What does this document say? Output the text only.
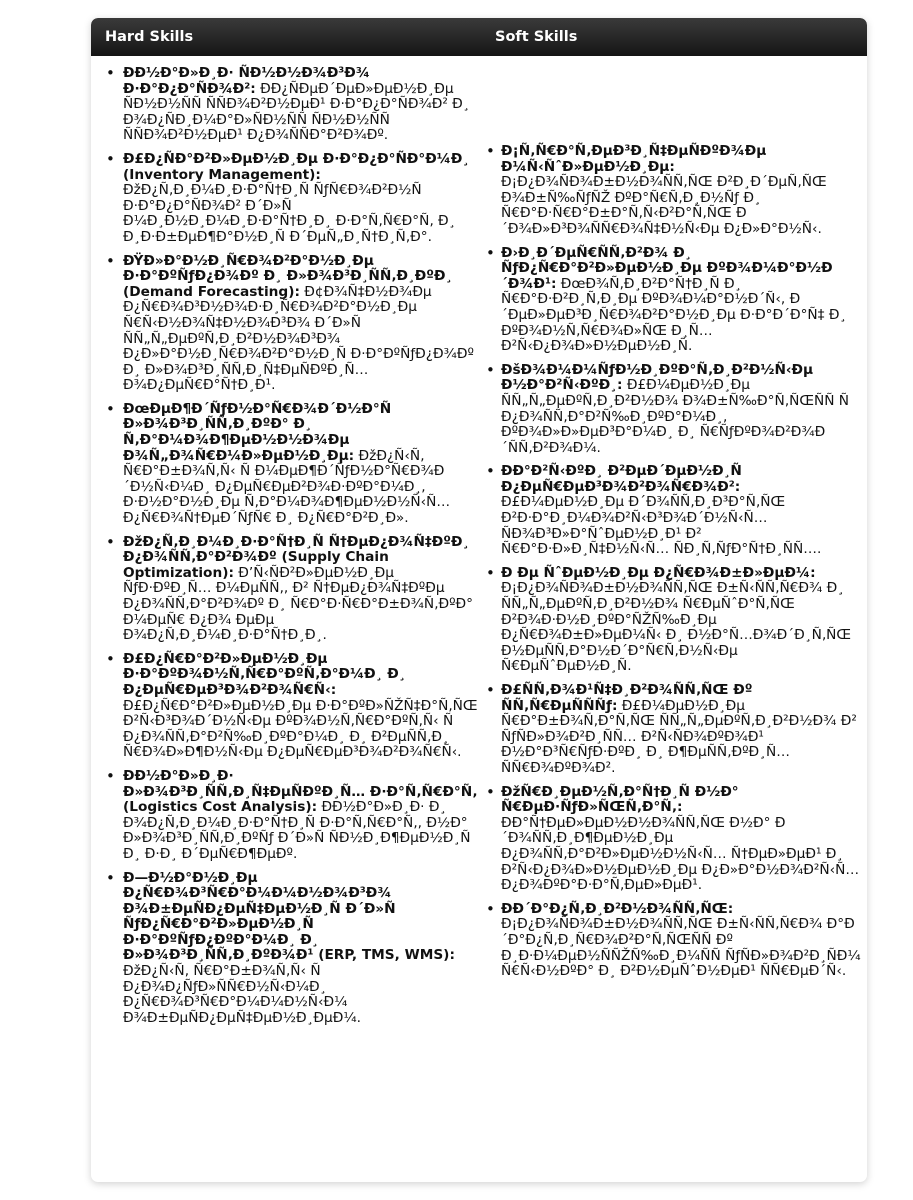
Hard Skills	Soft Skills
• ÐÐ½Ð°Ð»Ð¸Ð· ÑÐ½Ð½Ð¾Ð³Ð¾ Ð·Ð°Ð¿Ð°ÑÐ¾Ð²: ÐÐ¿ÑÐµÐ´ÐµÐ»ÐµÐ½Ð¸Ðµ ÑÐ½Ð½ÑÑ ÑÑÐ¾Ð²Ð½ÐµÐ¹ Ð·Ð°Ð¿Ð°ÑÐ¾Ð² Ð¸ Ð¾Ð¿ÑÐ¸Ð¼Ð°Ð»ÑÐ½ÑÑ ÑÐ½Ð½ÑÑ ÑÑÐ¾Ð²Ð½ÐµÐ¹ Ð¿Ð¾ÑÑÐ°Ð²Ð¾Ðº.
• Ð£Ð¿ÑÐ°Ð²Ð»ÐµÐ½Ð¸Ðµ Ð·Ð°Ð¿Ð°ÑÐ°Ð¼Ð¸ (Inventory Management): ÐžÐ¿Ñ‚Ð¸Ð¼Ð¸Ð·Ð°Ñ†Ð¸Ñ ÑƒÑ€Ð¾Ð²Ð½Ñ Ð·Ð°Ð¿Ð°ÑÐ¾Ð² Ð´Ð»Ñ Ð¼Ð¸Ð½Ð¸Ð¼Ð¸Ð·Ð°Ñ†Ð¸Ð¸ Ð·Ð°Ñ‚Ñ€Ð°Ñ‚ Ð¸ Ð¸Ð·Ð±ÐµÐ¶Ð°Ð½Ð¸Ñ Ð´ÐµÑ„Ð¸Ñ†Ð¸Ñ‚Ð°.
• ÐŸÐ»Ð°Ð½Ð¸Ñ€Ð¾Ð²Ð°Ð½Ð¸Ðµ Ð·Ð°ÐºÑƒÐ¿Ð¾Ðº Ð¸ Ð»Ð¾Ð³Ð¸ÑÑ‚Ð¸ÐºÐ¸ (Demand Forecasting): Ð¢Ð¾Ñ‡Ð½Ð¾Ðµ Ð¿Ñ€Ð¾Ð³Ð½Ð¾Ð·Ð¸Ñ€Ð¾Ð²Ð°Ð½Ð¸Ðµ Ñ€Ñ‹Ð½Ð¾Ñ‡Ð½Ð¾Ð³Ð¾ Ð´Ð»Ñ ÑÑ„Ñ„ÐµÐºÑ‚Ð¸Ð²Ð½Ð¾Ð³Ð¾ Ð¿Ð»Ð°Ð½Ð¸Ñ€Ð¾Ð²Ð°Ð½Ð¸Ñ Ð·Ð°ÐºÑƒÐ¿Ð¾Ðº Ð¸ Ð»Ð¾Ð³Ð¸ÑÑ‚Ð¸Ñ‡ÐµÑÐºÐ¸Ñ… Ð¾Ð¿ÐµÑ€Ð°Ñ†Ð¸Ð¹.
• ÐœÐµÐ¶Ð´ÑƒÐ½Ð°Ñ€Ð¾Ð´Ð½Ð°Ñ Ð»Ð¾Ð³Ð¸ÑÑ‚Ð¸ÐºÐ° Ð¸ Ñ‚Ð°Ð¼Ð¾Ð¶ÐµÐ½Ð½Ð¾Ðµ Ð¾Ñ„Ð¾Ñ€Ð¼Ð»ÐµÐ½Ð¸Ðµ: ÐžÐ¿Ñ‹Ñ‚ Ñ€Ð°Ð±Ð¾Ñ‚Ñ‹ Ñ Ð¼ÐµÐ¶Ð´ÑƒÐ½Ð°Ñ€Ð¾Ð´Ð½Ñ‹Ð¼Ð¸ Ð¿ÐµÑ€ÐµÐ²Ð¾Ð·ÐºÐ°Ð¼Ð¸, Ð·Ð½Ð°Ð½Ð¸Ðµ Ñ‚Ð°Ð¼Ð¾Ð¶ÐµÐ½Ð½Ñ‹Ñ… Ð¿Ñ€Ð¾Ñ†ÐµÐ´ÑƒÑ€ Ð¸ Ð¿Ñ€Ð°Ð²Ð¸Ð».
• ÐžÐ¿Ñ‚Ð¸Ð¼Ð¸Ð·Ð°Ñ†Ð¸Ñ Ñ†ÐµÐ¿Ð¾Ñ‡ÐºÐ¸ Ð¿Ð¾ÑÑ‚Ð°Ð²Ð¾Ðº (Supply Chain Optimization): Ð’Ñ‹ÑÐ²Ð»ÐµÐ½Ð¸Ðµ ÑƒÐ·ÐºÐ¸Ñ… Ð¼ÐµÑÑ‚, Ð² Ñ†ÐµÐ¿Ð¾Ñ‡ÐºÐµ Ð¿Ð¾ÑÑ‚Ð°Ð²Ð¾Ðº Ð¸ Ñ€Ð°Ð·Ñ€Ð°Ð±Ð¾Ñ‚ÐºÐ° Ð¼ÐµÑ€ Ð¿Ð¾ ÐµÐµ Ð¾Ð¿Ñ‚Ð¸Ð¼Ð¸Ð·Ð°Ñ†Ð¸Ð¸.
• Ð£Ð¿Ñ€Ð°Ð²Ð»ÐµÐ½Ð¸Ðµ Ð·Ð°ÐºÐ¾Ð½Ñ‚Ñ€Ð°ÐºÑ‚Ð°Ð¼Ð¸ Ð¸ Ð¿ÐµÑ€ÐµÐ³Ð¾Ð²Ð¾Ñ€Ñ‹: Ð£Ð¿Ñ€Ð°Ð²Ð»ÐµÐ½Ð¸Ðµ Ð·Ð°ÐºÐ»ÑŽÑ‡Ð°Ñ‚ÑŒ Ð²Ñ‹Ð³Ð¾Ð´Ð½Ñ‹Ðµ ÐºÐ¾Ð½Ñ‚Ñ€Ð°ÐºÑ‚Ñ‹ Ñ Ð¿Ð¾ÑÑ‚Ð°Ð²Ñ‰Ð¸ÐºÐ°Ð¼Ð¸ Ð¸ Ð²ÐµÑÑ‚Ð¸ Ñ€Ð¾Ð»Ð¶Ð½Ñ‹Ðµ Ð¿ÐµÑ€ÐµÐ³Ð¾Ð²Ð¾Ñ€Ñ‹.
• ÐÐ½Ð°Ð»Ð¸Ð· Ð»Ð¾Ð³Ð¸ÑÑ‚Ð¸Ñ‡ÐµÑÐºÐ¸Ñ… Ð·Ð°Ñ‚Ñ€Ð°Ñ‚ (Logistics Cost Analysis): ÐÐ½Ð°Ð»Ð¸Ð· Ð¸ Ð¾Ð¿Ñ‚Ð¸Ð¼Ð¸Ð·Ð°Ñ†Ð¸Ñ Ð·Ð°Ñ‚Ñ€Ð°Ñ‚, Ð½Ð° Ð»Ð¾Ð³Ð¸ÑÑ‚Ð¸ÐºÑƒ Ð´Ð»Ñ ÑÐ½Ð¸Ð¶ÐµÐ½Ð¸Ñ Ð¸ Ð·Ð¸ Ð´ÐµÑ€Ð¶ÐµÐº.
• Ð—Ð½Ð°Ð½Ð¸Ðµ Ð¿Ñ€Ð¾Ð³Ñ€Ð°Ð¼Ð¼Ð½Ð¾Ð³Ð¾ Ð¾Ð±ÐµÑÐ¿ÐµÑ‡ÐµÐ½Ð¸Ñ Ð´Ð»Ñ ÑƒÐ¿Ñ€Ð°Ð²Ð»ÐµÐ½Ð¸Ñ Ð·Ð°ÐºÑƒÐ¿ÐºÐ°Ð¼Ð¸ Ð¸ Ð»Ð¾Ð³Ð¸ÑÑ‚Ð¸ÐºÐ¾Ð¹ (ERP, TMS, WMS): ÐžÐ¿Ñ‹Ñ‚ Ñ€Ð°Ð±Ð¾Ñ‚Ñ‹ Ñ Ð¿Ð¾Ð¿ÑƒÐ»ÑÑ€Ð½Ñ‹Ð¼Ð¸ Ð¿Ñ€Ð¾Ð³Ñ€Ð°Ð¼Ð¼Ð½Ñ‹Ð¼ Ð¾Ð±ÐµÑÐ¿ÐµÑ‡ÐµÐ½Ð¸ÐµÐ¼.
• Ð¡Ñ‚Ñ€Ð°Ñ‚ÐµÐ³Ð¸Ñ‡ÐµÑÐºÐ¾Ðµ Ð¼Ñ‹ÑˆÐ»ÐµÐ½Ð¸Ðµ: Ð¡Ð¿Ð¾ÑÐ¾Ð±Ð½Ð¾ÑÑ‚ÑŒ Ð²Ð¸Ð´ÐµÑ‚ÑŒ Ð¾Ð±Ñ‰ÑƒÑŽ ÐºÐ°Ñ€Ñ‚Ð¸Ð½Ñƒ Ð¸ Ñ€Ð°Ð·Ñ€Ð°Ð±Ð°Ñ‚Ñ‹Ð²Ð°Ñ‚ÑŒ Ð´Ð¾Ð»Ð³Ð¾ÑÑ€Ð¾Ñ‡Ð½Ñ‹Ðµ Ð¿Ð»Ð°Ð½Ñ‹.
• Ð›Ð¸Ð´ÐµÑ€ÑÑ‚Ð²Ð¾ Ð¸ ÑƒÐ¿Ñ€Ð°Ð²Ð»ÐµÐ½Ð¸Ðµ ÐºÐ¾Ð¼Ð°Ð½Ð´Ð¾Ð¹: ÐœÐ¾Ñ‚Ð¸Ð²Ð°Ñ†Ð¸Ñ Ð¸ Ñ€Ð°Ð·Ð²Ð¸Ñ‚Ð¸Ðµ ÐºÐ¾Ð¼Ð°Ð½Ð´Ñ‹, Ð´ÐµÐ»ÐµÐ³Ð¸Ñ€Ð¾Ð²Ð°Ð½Ð¸Ðµ Ð·Ð°Ð´Ð°Ñ‡ Ð¸ ÐºÐ¾Ð½Ñ‚Ñ€Ð¾Ð»ÑŒ Ð¸Ñ… Ð²Ñ‹Ð¿Ð¾Ð»Ð½ÐµÐ½Ð¸Ñ.
• ÐšÐ¾Ð¼Ð¼ÑƒÐ½Ð¸ÐºÐ°Ñ‚Ð¸Ð²Ð½Ñ‹Ðµ Ð½Ð°Ð²Ñ‹ÐºÐ¸: Ð£Ð¼ÐµÐ½Ð¸Ðµ ÑÑ„Ñ„ÐµÐºÑ‚Ð¸Ð²Ð½Ð¾ Ð¾Ð±Ñ‰Ð°Ñ‚ÑŒÑÑ Ñ Ð¿Ð¾ÑÑ‚Ð°Ð²Ñ‰Ð¸ÐºÐ°Ð¼Ð¸, ÐºÐ¾Ð»Ð»ÐµÐ³Ð°Ð¼Ð¸ Ð¸ Ñ€ÑƒÐºÐ¾Ð²Ð¾Ð´ÑÑ‚Ð²Ð¾Ð¼.
• ÐÐ°Ð²Ñ‹ÐºÐ¸ Ð²ÐµÐ´ÐµÐ½Ð¸Ñ Ð¿ÐµÑ€ÐµÐ³Ð¾Ð²Ð¾Ñ€Ð¾Ð²: Ð£Ð¼ÐµÐ½Ð¸Ðµ Ð´Ð¾ÑÑ‚Ð¸Ð³Ð°Ñ‚ÑŒ Ð²Ð·Ð°Ð¸Ð¼Ð¾Ð²Ñ‹Ð³Ð¾Ð´Ð½Ñ‹Ñ… ÑÐ¾Ð³Ð»Ð°ÑˆÐµÐ½Ð¸Ð¹ Ð² Ñ€Ð°Ð·Ð»Ð¸Ñ‡Ð½Ñ‹Ñ… ÑÐ¸Ñ‚ÑƒÐ°Ñ†Ð¸ÑÑ….
• Ð Ðµ ÑˆÐµÐ½Ð¸Ðµ Ð¿Ñ€Ð¾Ð±Ð»ÐµÐ¼: Ð¡Ð¿Ð¾ÑÐ¾Ð±Ð½Ð¾ÑÑ‚ÑŒ Ð±Ñ‹ÑÑ‚Ñ€Ð¾ Ð¸ ÑÑ„Ñ„ÐµÐºÑ‚Ð¸Ð²Ð½Ð¾ Ñ€ÐµÑˆÐ°Ñ‚ÑŒ Ð²Ð¾Ð·Ð½Ð¸ÐºÐ°ÑŽÑ‰Ð¸Ðµ Ð¿Ñ€Ð¾Ð±Ð»ÐµÐ¼Ñ‹ Ð¸ Ð½Ð°Ñ…Ð¾Ð´Ð¸Ñ‚ÑŒ Ð½ÐµÑÑ‚Ð°Ð½Ð´Ð°Ñ€Ñ‚Ð½Ñ‹Ðµ Ñ€ÐµÑˆÐµÐ½Ð¸Ñ.
• Ð£ÑÑ‚Ð¾Ð¹Ñ‡Ð¸Ð²Ð¾ÑÑ‚ÑŒ Ðº ÑÑ‚Ñ€ÐµÑÑÑƒ: Ð£Ð¼ÐµÐ½Ð¸Ðµ Ñ€Ð°Ð±Ð¾Ñ‚Ð°Ñ‚ÑŒ ÑÑ„Ñ„ÐµÐºÑ‚Ð¸Ð²Ð½Ð¾ Ð² ÑƒÑÐ»Ð¾Ð²Ð¸ÑÑ… Ð²Ñ‹ÑÐ¾ÐºÐ¾Ð¹ Ð½Ð°Ð³Ñ€ÑƒÐ·ÐºÐ¸ Ð¸ Ð¶ÐµÑÑ‚ÐºÐ¸Ñ… ÑÑ€Ð¾ÐºÐ¾Ð².
• ÐžÑ€Ð¸ÐµÐ½Ñ‚Ð°Ñ†Ð¸Ñ Ð½Ð° Ñ€ÐµÐ·ÑƒÐ»ÑŒÑ‚Ð°Ñ‚: ÐÐ°Ñ†ÐµÐ»ÐµÐ½Ð½Ð¾ÑÑ‚ÑŒ Ð½Ð° Ð´Ð¾ÑÑ‚Ð¸Ð¶ÐµÐ½Ð¸Ðµ Ð¿Ð¾ÑÑ‚Ð°Ð²Ð»ÐµÐ½Ð½Ñ‹Ñ… Ñ†ÐµÐ»ÐµÐ¹ Ð¸ Ð²Ñ‹Ð¿Ð¾Ð»Ð½ÐµÐ½Ð¸Ðµ Ð¿Ð»Ð°Ð½Ð¾Ð²Ñ‹Ñ… Ð¿Ð¾ÐºÐ°Ð·Ð°Ñ‚ÐµÐ»ÐµÐ¹.
• ÐÐ´Ð°Ð¿Ñ‚Ð¸Ð²Ð½Ð¾ÑÑ‚ÑŒ: Ð¡Ð¿Ð¾ÑÐ¾Ð±Ð½Ð¾ÑÑ‚ÑŒ Ð±Ñ‹ÑÑ‚Ñ€Ð¾ Ð°Ð´Ð°Ð¿Ñ‚Ð¸Ñ€Ð¾Ð²Ð°Ñ‚ÑŒÑÑ Ðº Ð¸Ð·Ð¼ÐµÐ½ÑÑŽÑ‰Ð¸Ð¼ÑÑ ÑƒÑÐ»Ð¾Ð²Ð¸ÑÐ¼ Ñ€Ñ‹Ð½ÐºÐ° Ð¸ Ð²Ð½ÐµÑˆÐ½ÐµÐ¹ ÑÑ€ÐµÐ´Ñ‹.
